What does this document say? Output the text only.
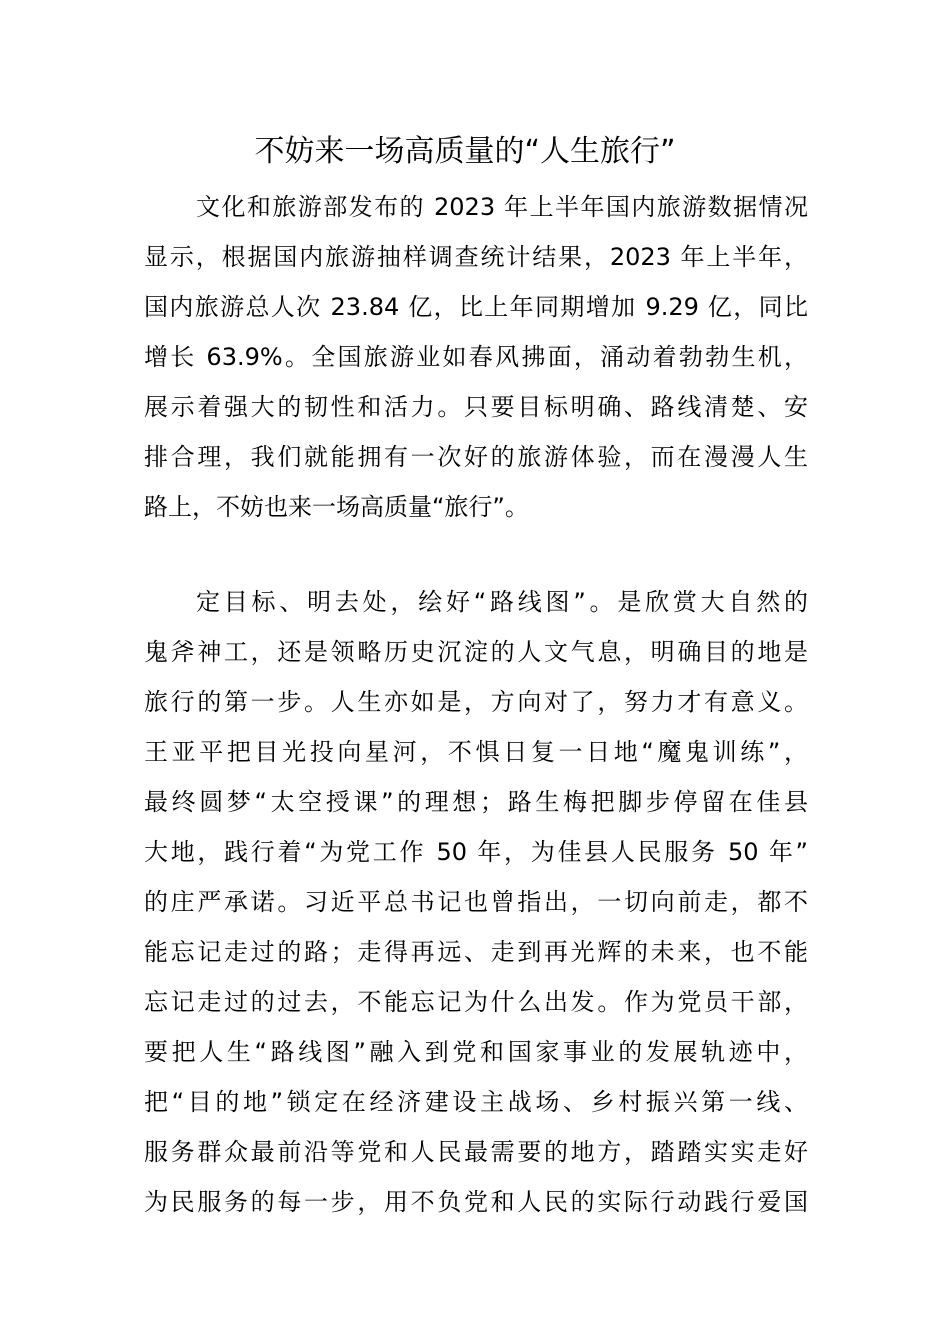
不妨来一场高质量的“人生旅行”
文化和旅游部发布的 2023 年上半年国内旅游数据情况
显示，根据国内旅游抽样调查统计结果，2023 年上半年，
国内旅游总人次 23.84 亿，比上年同期增加 9.29 亿，同比
增长 63.9%。全国旅游业如春风拂面，涌动着勃勃生机，
展示着强大的韧性和活力。只要目标明确、路线清楚、安
排合理，我们就能拥有一次好的旅游体验，而在漫漫人生
路上，不妨也来一场高质量“旅行”。
定目标、明去处，绘好“路线图”。是欣赏大自然的
鬼斧神工，还是领略历史沉淀的人文气息，明确目的地是
旅行的第一步。人生亦如是，方向对了，努力才有意义。
王亚平把目光投向星河，不惧日复一日地“魔鬼训练”，
最终圆梦“太空授课”的理想；路生梅把脚步停留在佳县
大地，践行着“为党工作 50 年，为佳县人民服务 50 年”
的庄严承诺。习近平总书记也曾指出，一切向前走，都不
能忘记走过的路；走得再远、走到再光辉的未来，也不能
忘记走过的过去，不能忘记为什么出发。作为党员干部，
要把人生“路线图”融入到党和国家事业的发展轨迹中，
把“目的地”锁定在经济建设主战场、乡村振兴第一线、
服务群众最前沿等党和人民最需要的地方，踏踏实实走好
为民服务的每一步，用不负党和人民的实际行动践行爱国
